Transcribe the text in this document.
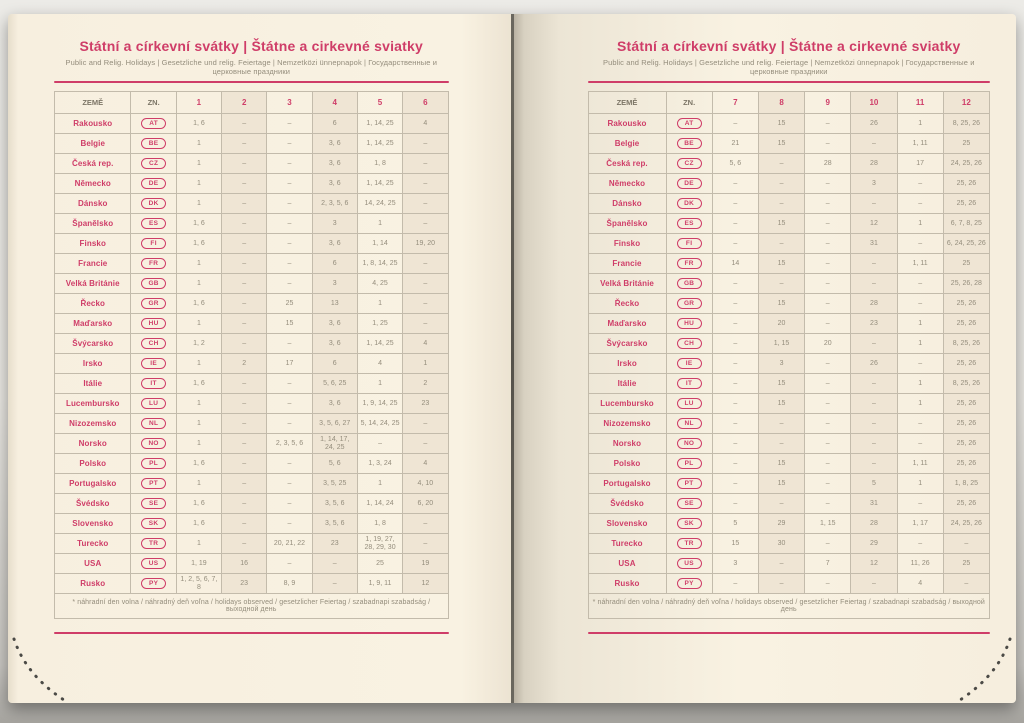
Státní a církevní svátky | Štátne a cirkevné sviatky

Public and Relig. Holidays | Gesetzliche und relig. Feiertage | Nemzetközi ünnepnapok | Государственные и церковные праздники

ZEMĚ	ZN.	1	2	3	4	5	6
Rakousko	AT	1, 6	–	–	6	1, 14, 25	4
Belgie	BE	1	–	–	3, 6	1, 14, 25	–
Česká rep.	CZ	1	–	–	3, 6	1, 8	–
Německo	DE	1	–	–	3, 6	1, 14, 25	–
Dánsko	DK	1	–	–	2, 3, 5, 6	14, 24, 25	–
Španělsko	ES	1, 6	–	–	3	1	–
Finsko	FI	1, 6	–	–	3, 6	1, 14	19, 20
Francie	FR	1	–	–	6	1, 8, 14, 25	–
Velká Británie	GB	1	–	–	3	4, 25	–
Řecko	GR	1, 6	–	25	13	1	–
Maďarsko	HU	1	–	15	3, 6	1, 25	–
Švýcarsko	CH	1, 2	–	–	3, 6	1, 14, 25	4
Irsko	IE	1	2	17	6	4	1
Itálie	IT	1, 6	–	–	5, 6, 25	1	2
Lucembursko	LU	1	–	–	3, 6	1, 9, 14, 25	23
Nizozemsko	NL	1	–	–	3, 5, 6, 27	5, 14, 24, 25	–
Norsko	NO	1	–	2, 3, 5, 6	1, 14, 17, 24, 25	–	–
Polsko	PL	1, 6	–	–	5, 6	1, 3, 24	4
Portugalsko	PT	1	–	–	3, 5, 25	1	4, 10
Švédsko	SE	1, 6	–	–	3, 5, 6	1, 14, 24	6, 20
Slovensko	SK	1, 6	–	–	3, 5, 6	1, 8	–
Turecko	TR	1	–	20, 21, 22	23	1, 19, 27, 28, 29, 30	–
USA	US	1, 19	16	–	–	25	19
Rusko	PY	1, 2, 5, 6, 7, 8	23	8, 9	–	1, 9, 11	12
* náhradní den volna / náhradný deň voľna / holidays observed / gesetzlicher Feiertag / szabadnapi szabadság / выходной день							
Státní a církevní svátky | Štátne a cirkevné sviatky

Public and Relig. Holidays | Gesetzliche und relig. Feiertage | Nemzetközi ünnepnapok | Государственные и церковные праздники

ZEMĚ	ZN.	7	8	9	10	11	12
Rakousko	AT	–	15	–	26	1	8, 25, 26
Belgie	BE	21	15	–	–	1, 11	25
Česká rep.	CZ	5, 6	–	28	28	17	24, 25, 26
Německo	DE	–	–	–	3	–	25, 26
Dánsko	DK	–	–	–	–	–	25, 26
Španělsko	ES	–	15	–	12	1	6, 7, 8, 25
Finsko	FI	–	–	–	31	–	6, 24, 25, 26
Francie	FR	14	15	–	–	1, 11	25
Velká Británie	GB	–	–	–	–	–	25, 26, 28
Řecko	GR	–	15	–	28	–	25, 26
Maďarsko	HU	–	20	–	23	1	25, 26
Švýcarsko	CH	–	1, 15	20	–	1	8, 25, 26
Irsko	IE	–	3	–	26	–	25, 26
Itálie	IT	–	15	–	–	1	8, 25, 26
Lucembursko	LU	–	15	–	–	1	25, 26
Nizozemsko	NL	–	–	–	–	–	25, 26
Norsko	NO	–	–	–	–	–	25, 26
Polsko	PL	–	15	–	–	1, 11	25, 26
Portugalsko	PT	–	15	–	5	1	1, 8, 25
Švédsko	SE	–	–	–	31	–	25, 26
Slovensko	SK	5	29	1, 15	28	1, 17	24, 25, 26
Turecko	TR	15	30	–	29	–	–
USA	US	3	–	7	12	11, 26	25
Rusko	PY	–	–	–	–	4	–
* náhradní den volna / náhradný deň voľna / holidays observed / gesetzlicher Feiertag / szabadnapi szabadság / выходной день							
